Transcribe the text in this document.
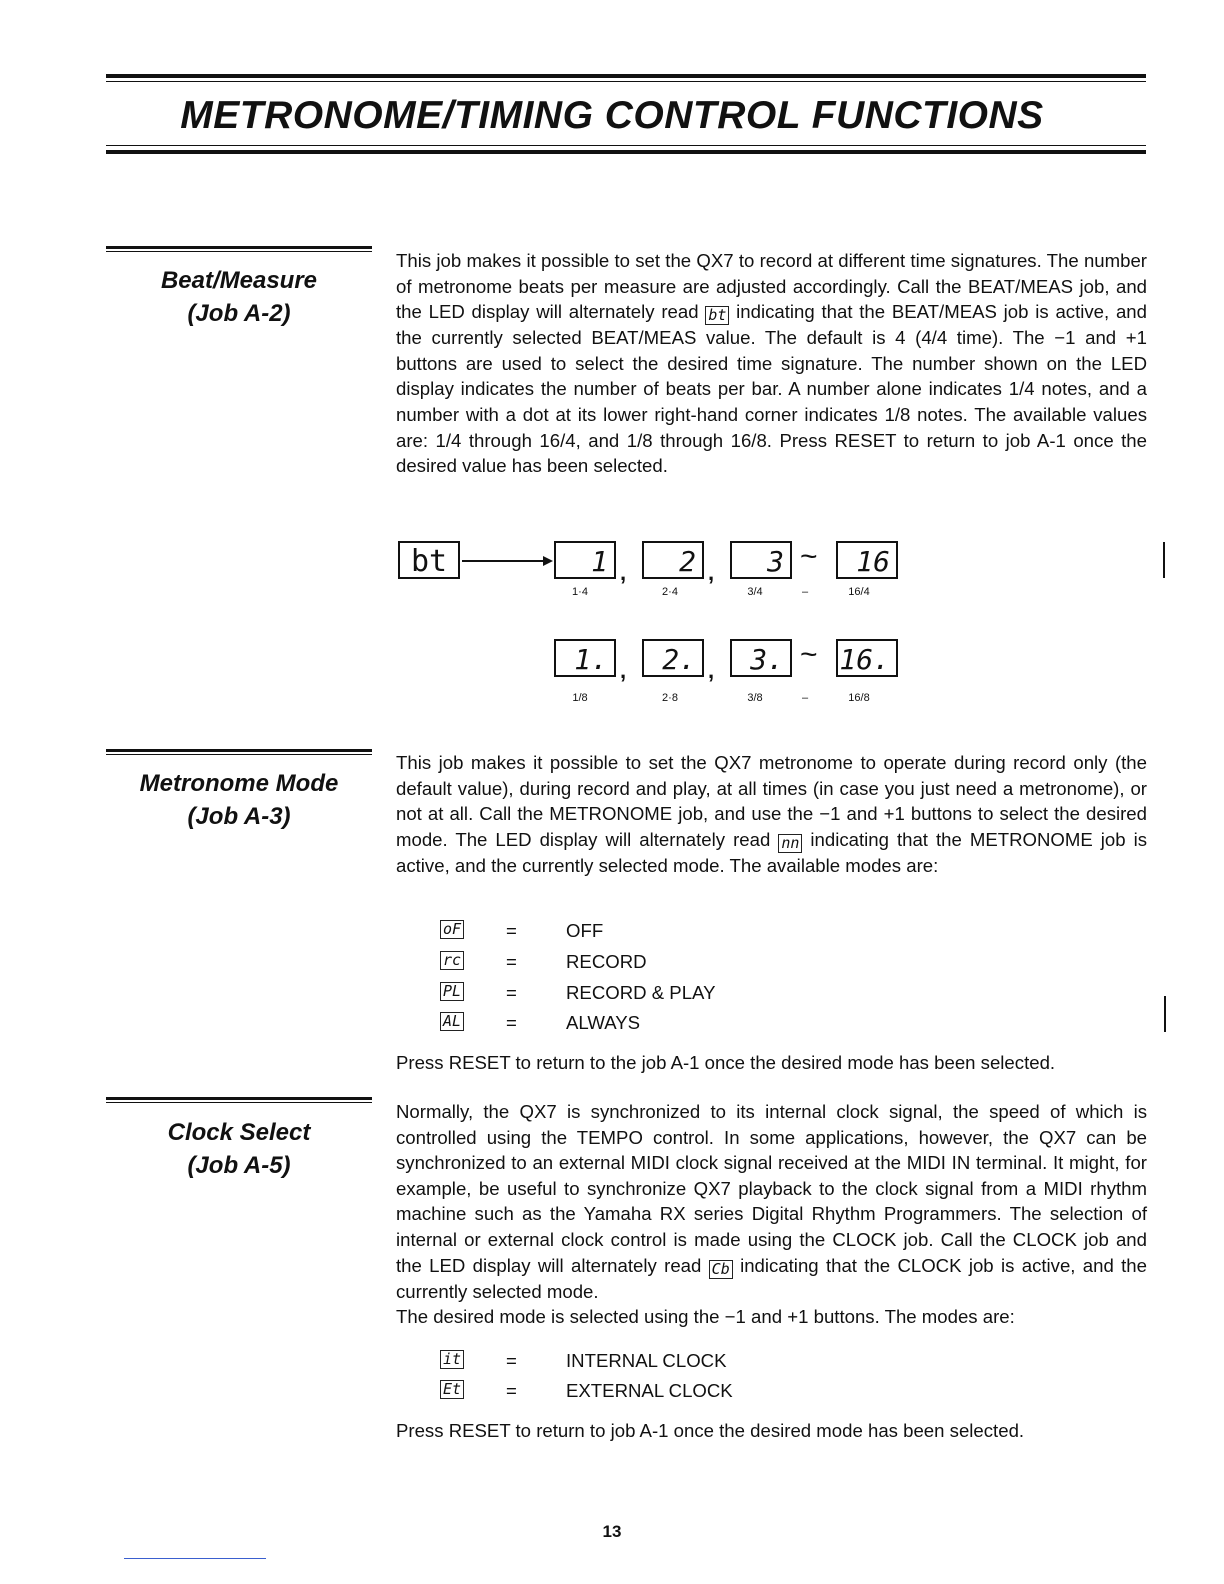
METRONOME/TIMING CONTROL FUNCTIONS
Beat/Measure
(Job A-2)

This job makes it possible to set the QX7 to record at different time signatures. The number of metronome beats per measure are adjusted accordingly. Call the BEAT/MEAS job, and the LED display will alternately read bt indicating that the BEAT/MEAS job is active, and the currently selected BEAT/MEAS value. The default is 4 (4/4 time). The −1 and +1 buttons are used to select the desired time signature. The number shown on the LED display indicates the number of beats per bar. A number alone indicates 1/4 notes, and a number with a dot at its lower right-hand corner indicates 1/8 notes. The available values are: 1/4 through 16/4, and 1/8 through 16/8. Press RESET to return to job A-1 once the desired value has been selected.

bt	1 ,	2 ,	3 ~	16
1·4	2·4	3/4	–	16/4
1. ,	2. ,	3. ~ 16.
1/8	2·8	3/8	–	16/8
Metronome Mode
(Job A-3)

This job makes it possible to set the QX7 metronome to operate during record only (the default value), during record and play, at all times (in case you just need a metronome), or not at all. Call the METRONOME job, and use the −1 and +1 buttons to select the desired mode. The LED display will alternately read nn indicating that the METRONOME job is active, and the currently selected mode. The available modes are:

oF =	OFF
rc =	RECORD
PL =	RECORD & PLAY
AL =	ALWAYS

Press RESET to return to the job A-1 once the desired mode has been selected.

Clock Select
(Job A-5)

Normally, the QX7 is synchronized to its internal clock signal, the speed of which is controlled using the TEMPO control. In some applications, however, the QX7 can be synchronized to an external MIDI clock signal received at the MIDI IN terminal. It might, for example, be useful to synchronize QX7 playback to the clock signal from a MIDI rhythm machine such as the Yamaha RX series Digital Rhythm Programmers. The selection of internal or external clock control is made using the CLOCK job. Call the CLOCK job and the LED display will alternately read Cb indicating that the CLOCK job is active, and the currently selected mode.

The desired mode is selected using the −1 and +1 buttons. The modes are:

it =	INTERNAL CLOCK
Et =	EXTERNAL CLOCK

Press RESET to return to job A-1 once the desired mode has been selected.

13
